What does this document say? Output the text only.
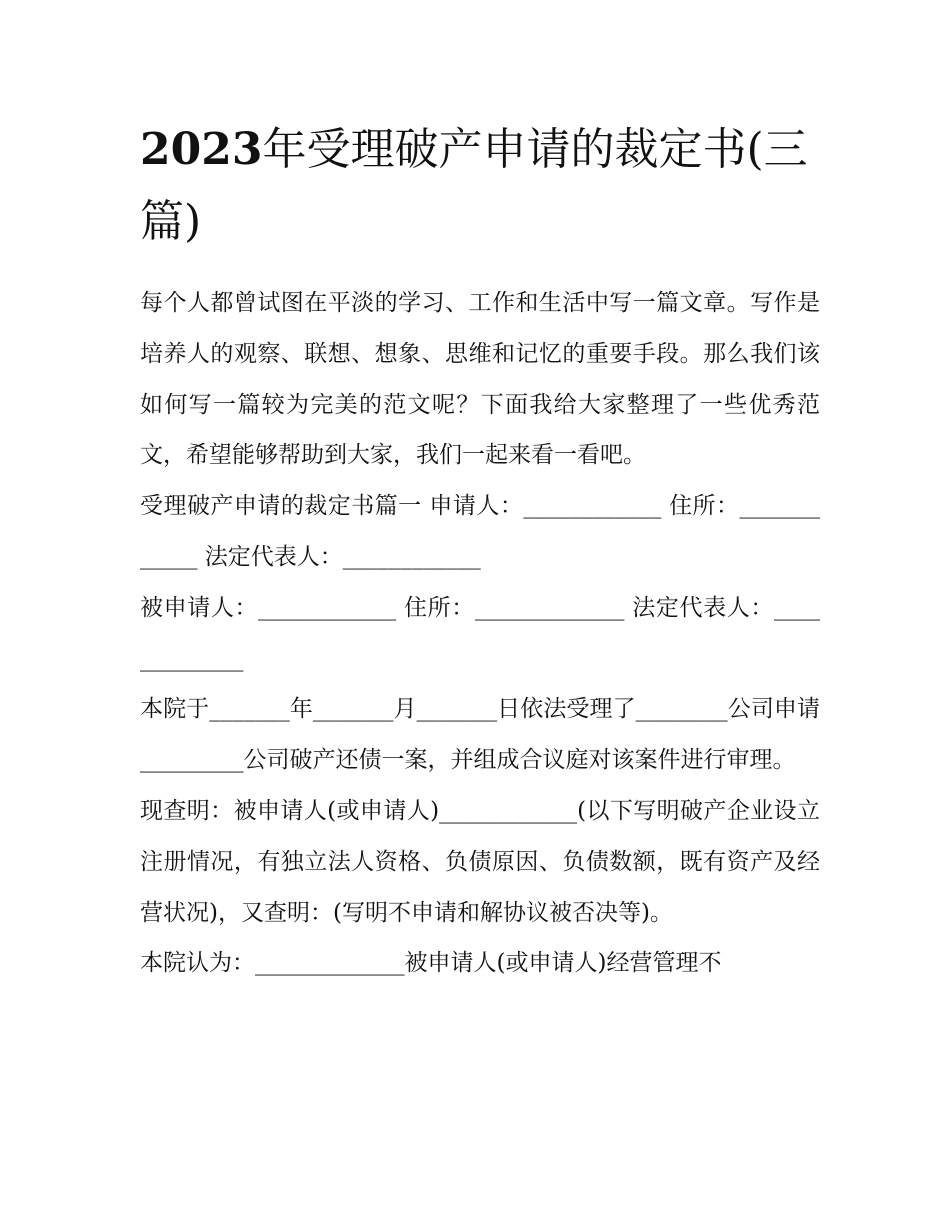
2023年受理破产申请的裁定书(三篇)

每个人都曾试图在平淡的学习、工作和生活中写一篇文章。写作是培养人的观察、联想、想象、思维和记忆的重要手段。那么我们该如何写一篇较为完美的范文呢？下面我给大家整理了一些优秀范文，希望能够帮助到大家，我们一起来看一看吧。

受理破产申请的裁定书篇一 申请人：____________ 住所：____________ 法定代表人：____________

被申请人：____________ 住所：_____________ 法定代表人：_____________

本院于_______年_______月_______日依法受理了________公司申请_________公司破产还债一案，并组成合议庭对该案件进行审理。

现查明：被申请人(或申请人)____________(以下写明破产企业设立注册情况，有独立法人资格、负债原因、负债数额，既有资产及经营状况)，又查明：(写明不申请和解协议被否决等)。

本院认为：_____________被申请人(或申请人)经营管理不
